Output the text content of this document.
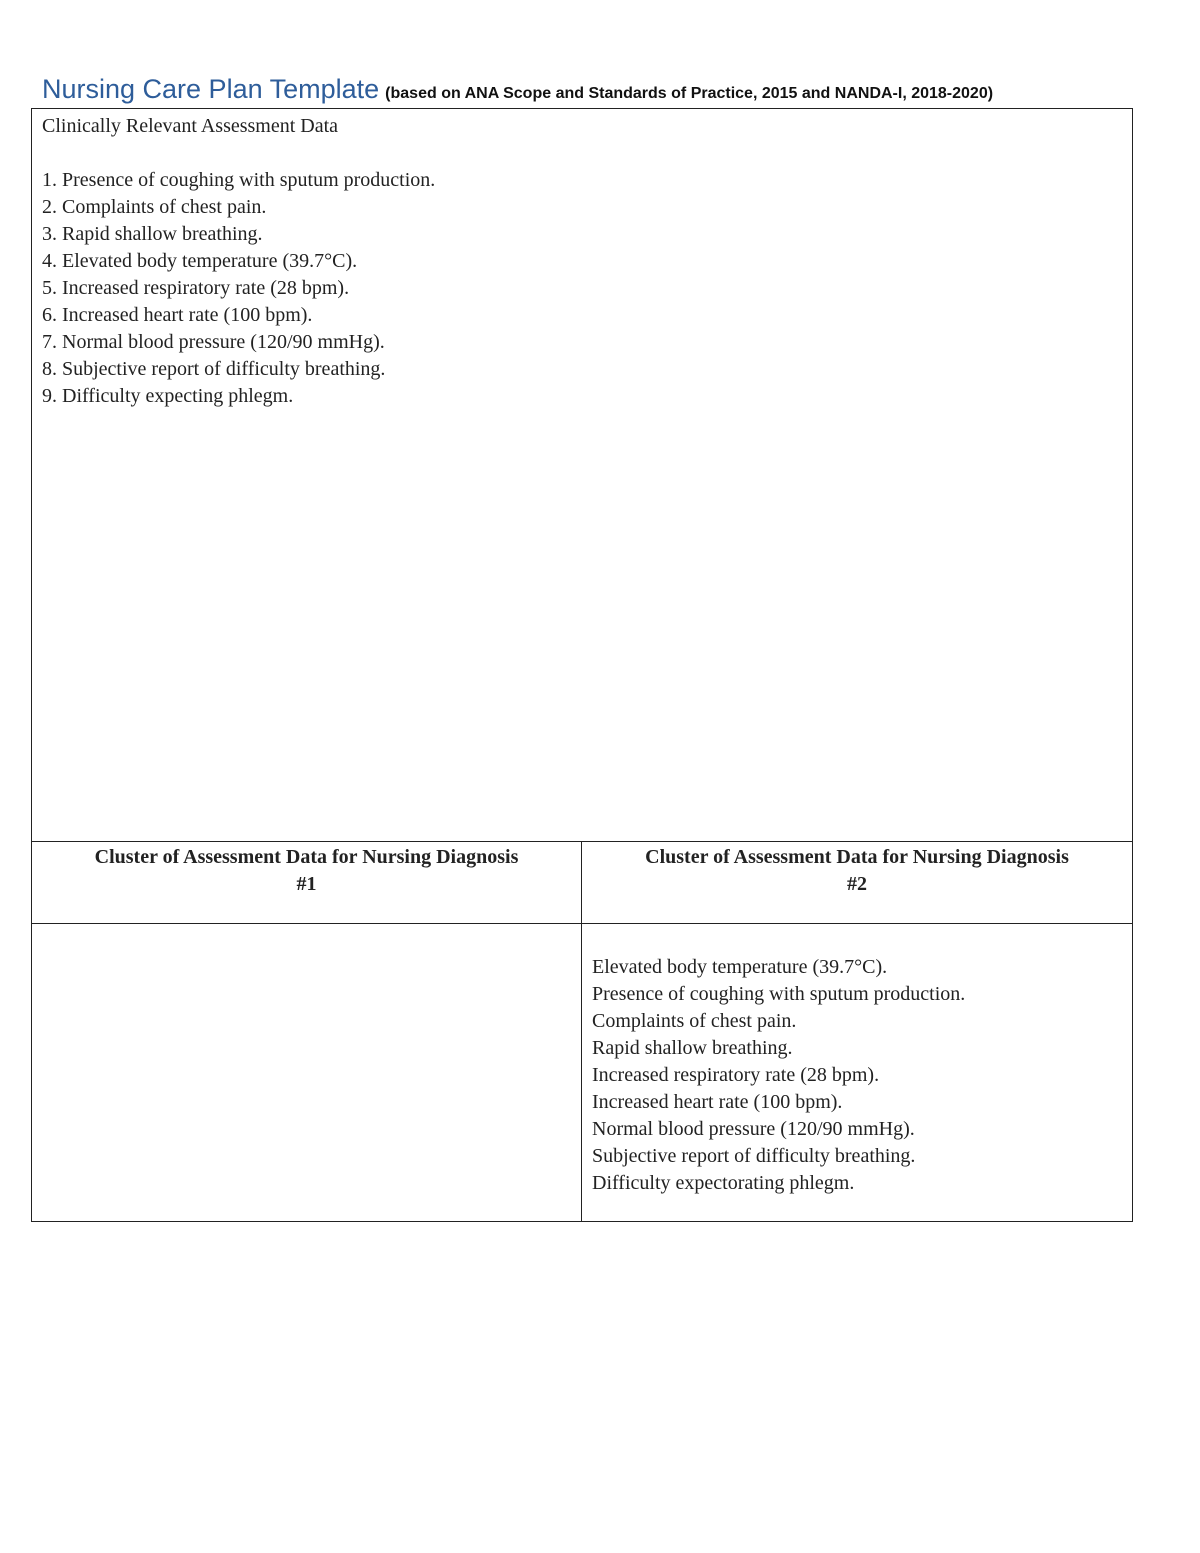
Nursing Care Plan Template (based on ANA Scope and Standards of Practice, 2015 and NANDA-I, 2018-2020)
Clinically Relevant Assessment Data
1. Presence of coughing with sputum production.
2. Complaints of chest pain.
3. Rapid shallow breathing.
4. Elevated body temperature (39.7°C).
5. Increased respiratory rate (28 bpm).
6. Increased heart rate (100 bpm).
7. Normal blood pressure (120/90 mmHg).
8. Subjective report of difficulty breathing.
9. Difficulty expecting phlegm.
Cluster of Assessment Data for Nursing Diagnosis
#1
Cluster of Assessment Data for Nursing Diagnosis
#2
Elevated body temperature (39.7°C).
Presence of coughing with sputum production.
Complaints of chest pain.
Rapid shallow breathing.
Increased respiratory rate (28 bpm).
Increased heart rate (100 bpm).
Normal blood pressure (120/90 mmHg).
Subjective report of difficulty breathing.
Difficulty expectorating phlegm.
